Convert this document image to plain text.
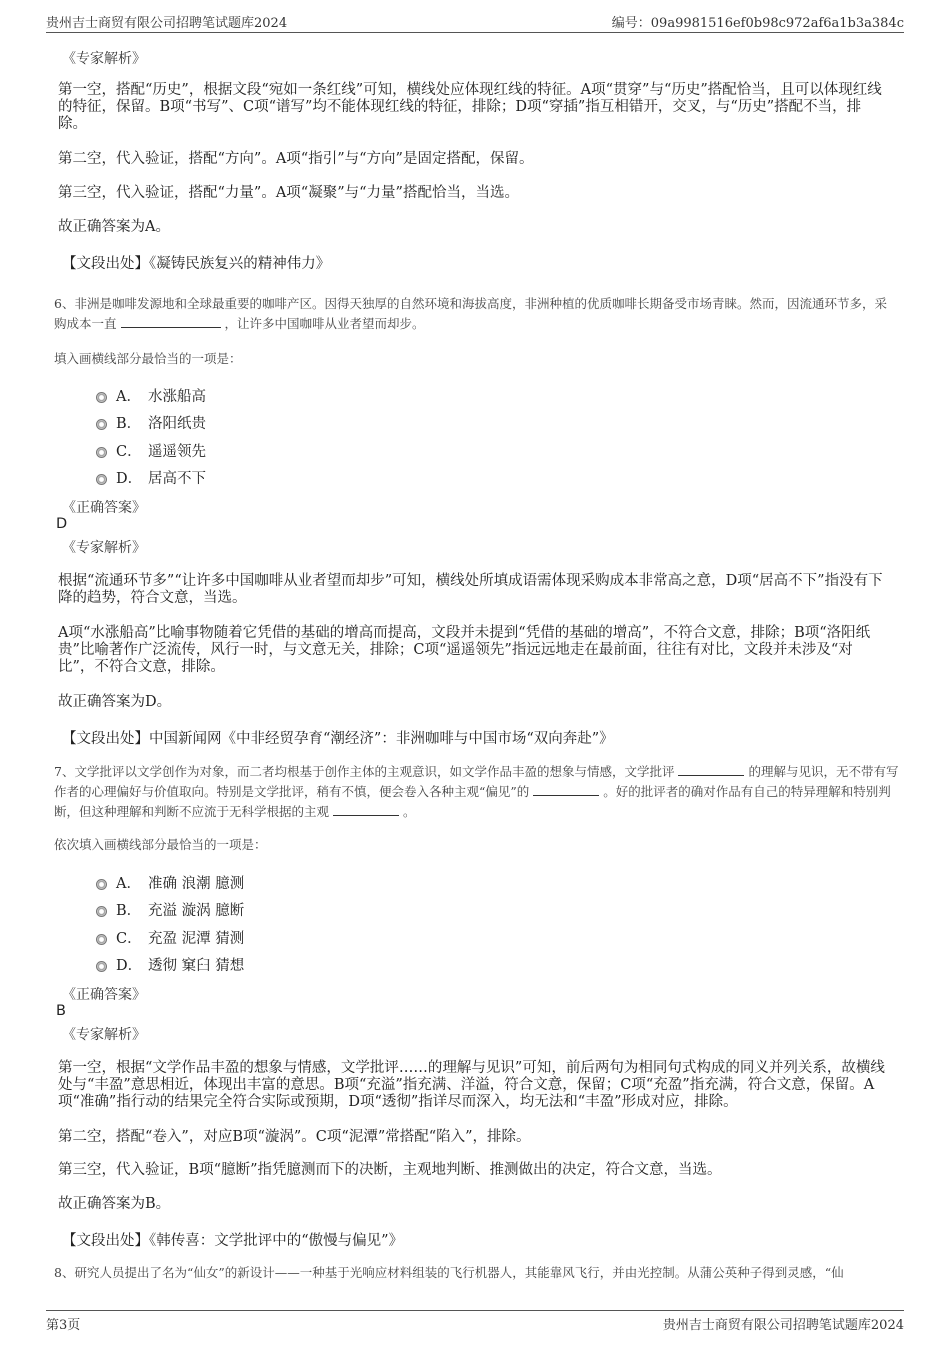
贵州吉士商贸有限公司招聘笔试题库2024	编号：09a9981516ef0b98c972af6a1b3a384c
《专家解析》
第一空，搭配“历史”，根据文段“宛如一条红线”可知，横线处应体现红线的特征。A项“贯穿”与“历史”搭配恰当，且可以体现红线的特征，保留。B项“书写”、C项“谱写”均不能体现红线的特征，排除；D项“穿插”指互相错开，交叉，与“历史”搭配不当，排除。
第二空，代入验证，搭配“方向”。A项“指引”与“方向”是固定搭配，保留。
第三空，代入验证，搭配“力量”。A项“凝聚”与“力量”搭配恰当，当选。
故正确答案为A。
【文段出处】《凝铸民族复兴的精神伟力》
6、非洲是咖啡发源地和全球最重要的咖啡产区。因得天独厚的自然环境和海拔高度，非洲种植的优质咖啡长期备受市场青睐。然而，因流通环节多，采购成本一直	，让许多中国咖啡从业者望而却步。
填入画横线部分最恰当的一项是：
A． 水涨船高
B． 洛阳纸贵
C． 遥遥领先
D． 居高不下
《正确答案》
D
《专家解析》
根据“流通环节多”“让许多中国咖啡从业者望而却步”可知，横线处所填成语需体现采购成本非常高之意，D项“居高不下”指没有下降的趋势，符合文意，当选。
A项“水涨船高”比喻事物随着它凭借的基础的增高而提高，文段并未提到“凭借的基础的增高”，不符合文意，排除；B项“洛阳纸贵”比喻著作广泛流传，风行一时，与文意无关，排除；C项“遥遥领先”指远远地走在最前面，往往有对比，文段并未涉及“对比”，不符合文意，排除。
故正确答案为D。
【文段出处】中国新闻网《中非经贸孕育“潮经济”：非洲咖啡与中国市场“双向奔赴”》
7、文学批评以文学创作为对象，而二者均根基于创作主体的主观意识，如文学作品丰盈的想象与情感，文学批评	的理解与见识，无不带有写作者的心理偏好与价值取向。特别是文学批评，稍有不慎，便会卷入各种主观“偏见”的	。好的批评者的确对作品有自己的特异理解和特别判断，但这种理解和判断不应流于无科学根据的主观	。
依次填入画横线部分最恰当的一项是：
A． 准确 浪潮 臆测
B． 充溢 漩涡 臆断
C． 充盈 泥潭 猜测
D． 透彻 窠臼 猜想
《正确答案》
B
《专家解析》
第一空，根据“文学作品丰盈的想象与情感，文学批评……的理解与见识”可知，前后两句为相同句式构成的同义并列关系，故横线处与“丰盈”意思相近，体现出丰富的意思。B项“充溢”指充满、洋溢，符合文意，保留；C项“充盈”指充满，符合文意，保留。A项“准确”指行动的结果完全符合实际或预期，D项“透彻”指详尽而深入，均无法和“丰盈”形成对应，排除。
第二空，搭配“卷入”，对应B项“漩涡”。C项“泥潭”常搭配“陷入”，排除。
第三空，代入验证，B项“臆断”指凭臆测而下的决断，主观地判断、推测做出的决定，符合文意，当选。
故正确答案为B。
【文段出处】《韩传喜：文学批评中的“傲慢与偏见”》
8、研究人员提出了名为“仙女”的新设计——一种基于光响应材料组装的飞行机器人，其能靠风飞行，并由光控制。从蒲公英种子得到灵感，“仙
第3页	贵州吉士商贸有限公司招聘笔试题库2024
